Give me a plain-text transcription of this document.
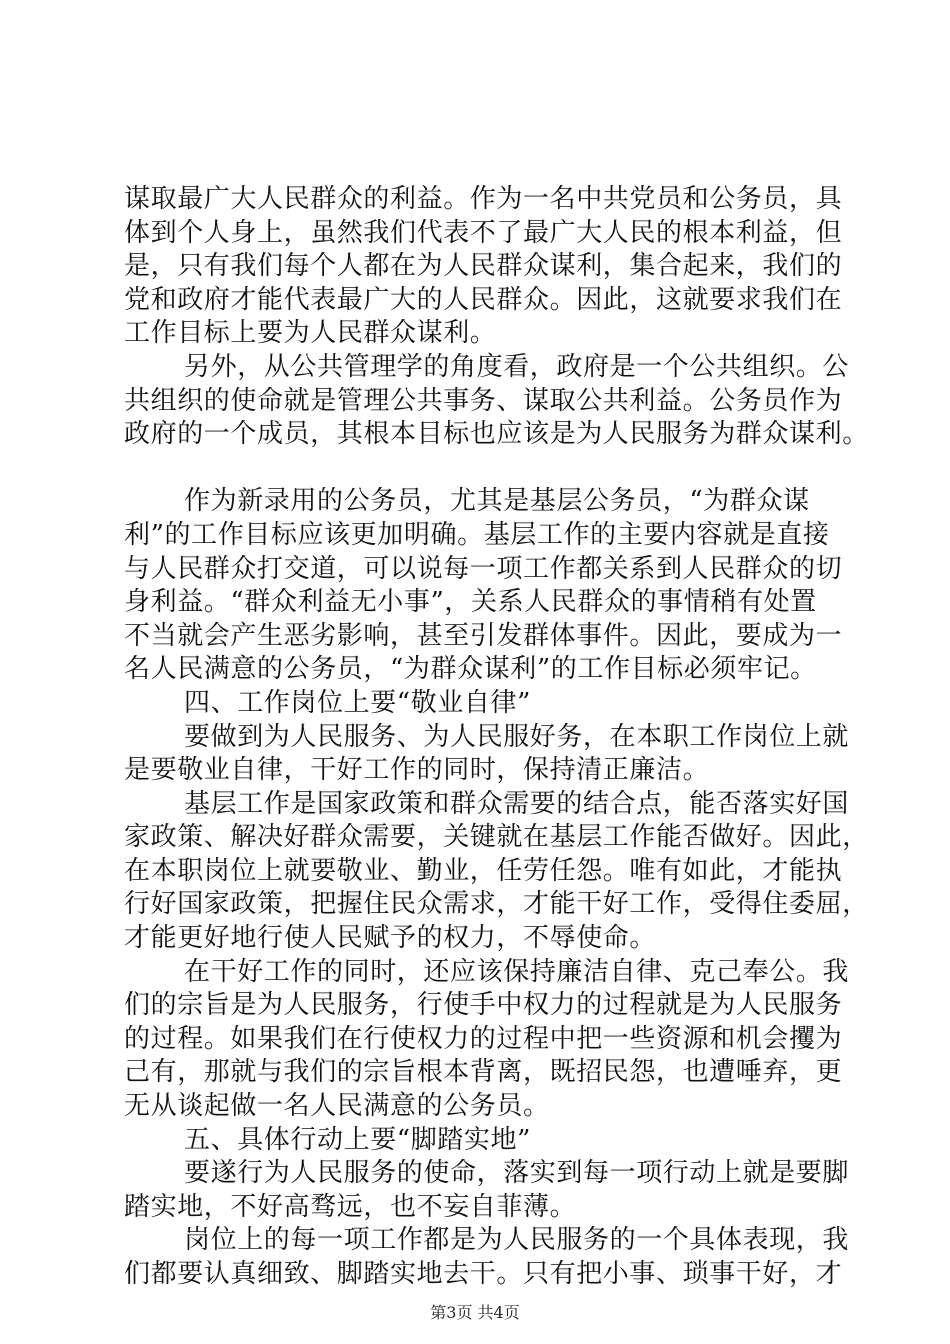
谋取最广大人民群众的利益。作为一名中共党员和公务员，具
体到个人身上，虽然我们代表不了最广大人民的根本利益，但
是，只有我们每个人都在为人民群众谋利，集合起来，我们的
党和政府才能代表最广大的人民群众。因此，这就要求我们在
工作目标上要为人民群众谋利。
另外，从公共管理学的角度看，政府是一个公共组织。公
共组织的使命就是管理公共事务、谋取公共利益。公务员作为
政府的一个成员，其根本目标也应该是为人民服务为群众谋利。
作为新录用的公务员，尤其是基层公务员，“为群众谋
利”的工作目标应该更加明确。基层工作的主要内容就是直接
与人民群众打交道，可以说每一项工作都关系到人民群众的切
身利益。“群众利益无小事”，关系人民群众的事情稍有处置
不当就会产生恶劣影响，甚至引发群体事件。因此，要成为一
名人民满意的公务员，“为群众谋利”的工作目标必须牢记。
四、工作岗位上要“敬业自律”
要做到为人民服务、为人民服好务，在本职工作岗位上就
是要敬业自律，干好工作的同时，保持清正廉洁。
基层工作是国家政策和群众需要的结合点，能否落实好国
家政策、解决好群众需要，关键就在基层工作能否做好。因此，
在本职岗位上就要敬业、勤业，任劳任怨。唯有如此，才能执
行好国家政策，把握住民众需求，才能干好工作，受得住委屈，
才能更好地行使人民赋予的权力，不辱使命。
在干好工作的同时，还应该保持廉洁自律、克己奉公。我
们的宗旨是为人民服务，行使手中权力的过程就是为人民服务
的过程。如果我们在行使权力的过程中把一些资源和机会攫为
己有，那就与我们的宗旨根本背离，既招民怨，也遭唾弃，更
无从谈起做一名人民满意的公务员。
五、具体行动上要“脚踏实地”
要遂行为人民服务的使命，落实到每一项行动上就是要脚
踏实地，不好高骛远，也不妄自菲薄。
岗位上的每一项工作都是为人民服务的一个具体表现，我
们都要认真细致、脚踏实地去干。只有把小事、琐事干好，才
第3页 共4页
